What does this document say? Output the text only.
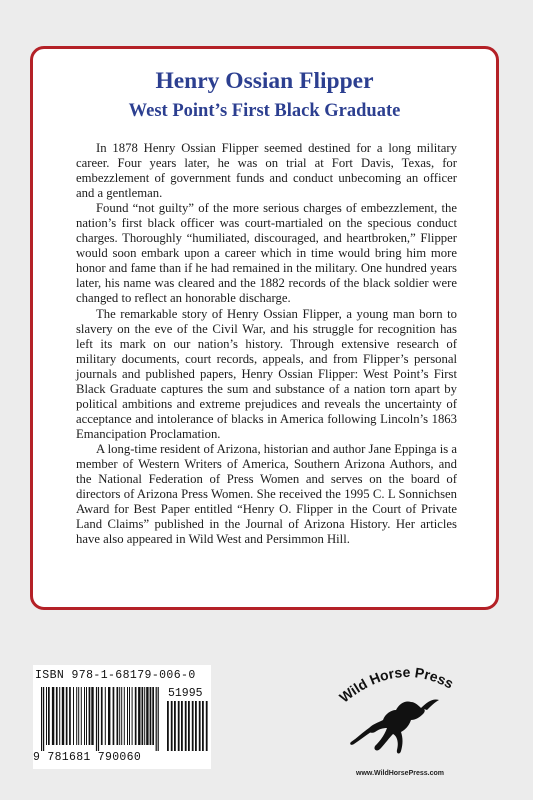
Henry Ossian Flipper
West Point’s First Black Graduate

In 1878 Henry Ossian Flipper seemed destined for a long military career. Four years later, he was on trial at Fort Davis, Texas, for embezzlement of government funds and conduct unbecoming an officer and a gentleman.

Found “not guilty” of the more serious charges of embezzlement, the nation’s first black officer was court-martialed on the specious conduct charges. Thoroughly “humiliated, discouraged, and heartbroken,” Flipper would soon embark upon a career which in time would bring him more honor and fame than if he had remained in the military. One hundred years later, his name was cleared and the 1882 records of the black soldier were changed to reflect an honorable discharge.

The remarkable story of Henry Ossian Flipper, a young man born to slavery on the eve of the Civil War, and his struggle for recognition has left its mark on our nation’s history. Through extensive research of military documents, court records, appeals, and from Flipper’s personal journals and published papers, Henry Ossian Flipper: West Point’s First Black Graduate captures the sum and substance of a nation torn apart by political ambitions and extreme prejudices and reveals the uncertainty of acceptance and intolerance of blacks in America following Lincoln’s 1863 Emancipation Proclamation.

A long-time resident of Arizona, historian and author Jane Eppinga is a member of Western Writers of America, Southern Arizona Authors, and the National Federation of Press Women and serves on the board of directors of Arizona Press Women. She received the 1995 C. L Sonnichsen Award for Best Paper entitled “Henry O. Flipper in the Court of Private Land Claims” published in the Journal of Arizona History. Her articles have also appeared in Wild West and Persimmon Hill.

ISBN 978-1-68179-006-0
51995
9 781681 790060
Wild Horse Press
www.WildHorsePress.com
